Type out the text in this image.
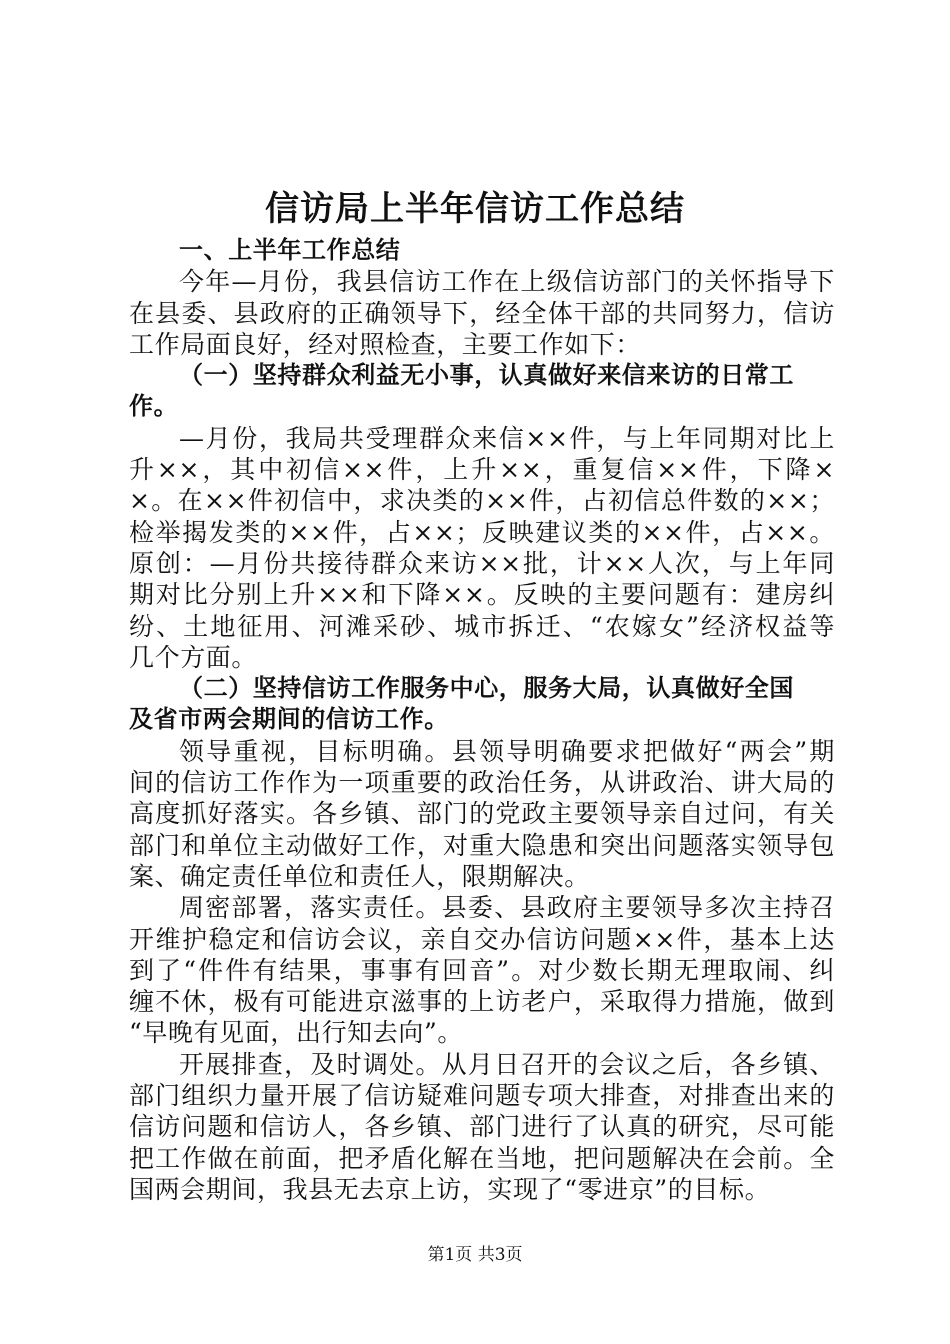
信访局上半年信访工作总结
一、上半年工作总结
今年—月份，我县信访工作在上级信访部门的关怀指导下
在县委、县政府的正确领导下，经全体干部的共同努力，信访
工作局面良好，经对照检查，主要工作如下：
（一）坚持群众利益无小事，认真做好来信来访的日常工
作。
—月份，我局共受理群众来信××件，与上年同期对比上
升××，其中初信××件，上升××，重复信××件，下降×
×。在××件初信中，求决类的××件，占初信总件数的××；
检举揭发类的××件，占××；反映建议类的××件，占××。
原创：—月份共接待群众来访××批，计××人次，与上年同
期对比分别上升××和下降××。反映的主要问题有：建房纠
纷、土地征用、河滩采砂、城市拆迁、“农嫁女”经济权益等
几个方面。
（二）坚持信访工作服务中心，服务大局，认真做好全国
及省市两会期间的信访工作。
领导重视，目标明确。县领导明确要求把做好“两会”期
间的信访工作作为一项重要的政治任务，从讲政治、讲大局的
高度抓好落实。各乡镇、部门的党政主要领导亲自过问，有关
部门和单位主动做好工作，对重大隐患和突出问题落实领导包
案、确定责任单位和责任人，限期解决。
周密部署，落实责任。县委、县政府主要领导多次主持召
开维护稳定和信访会议，亲自交办信访问题××件，基本上达
到了“件件有结果，事事有回音”。对少数长期无理取闹、纠
缠不休，极有可能进京滋事的上访老户，采取得力措施，做到
“早晚有见面，出行知去向”。
开展排查，及时调处。从月日召开的会议之后，各乡镇、
部门组织力量开展了信访疑难问题专项大排查，对排查出来的
信访问题和信访人，各乡镇、部门进行了认真的研究，尽可能
把工作做在前面，把矛盾化解在当地，把问题解决在会前。全
国两会期间，我县无去京上访，实现了“零进京”的目标。
第1页 共3页
